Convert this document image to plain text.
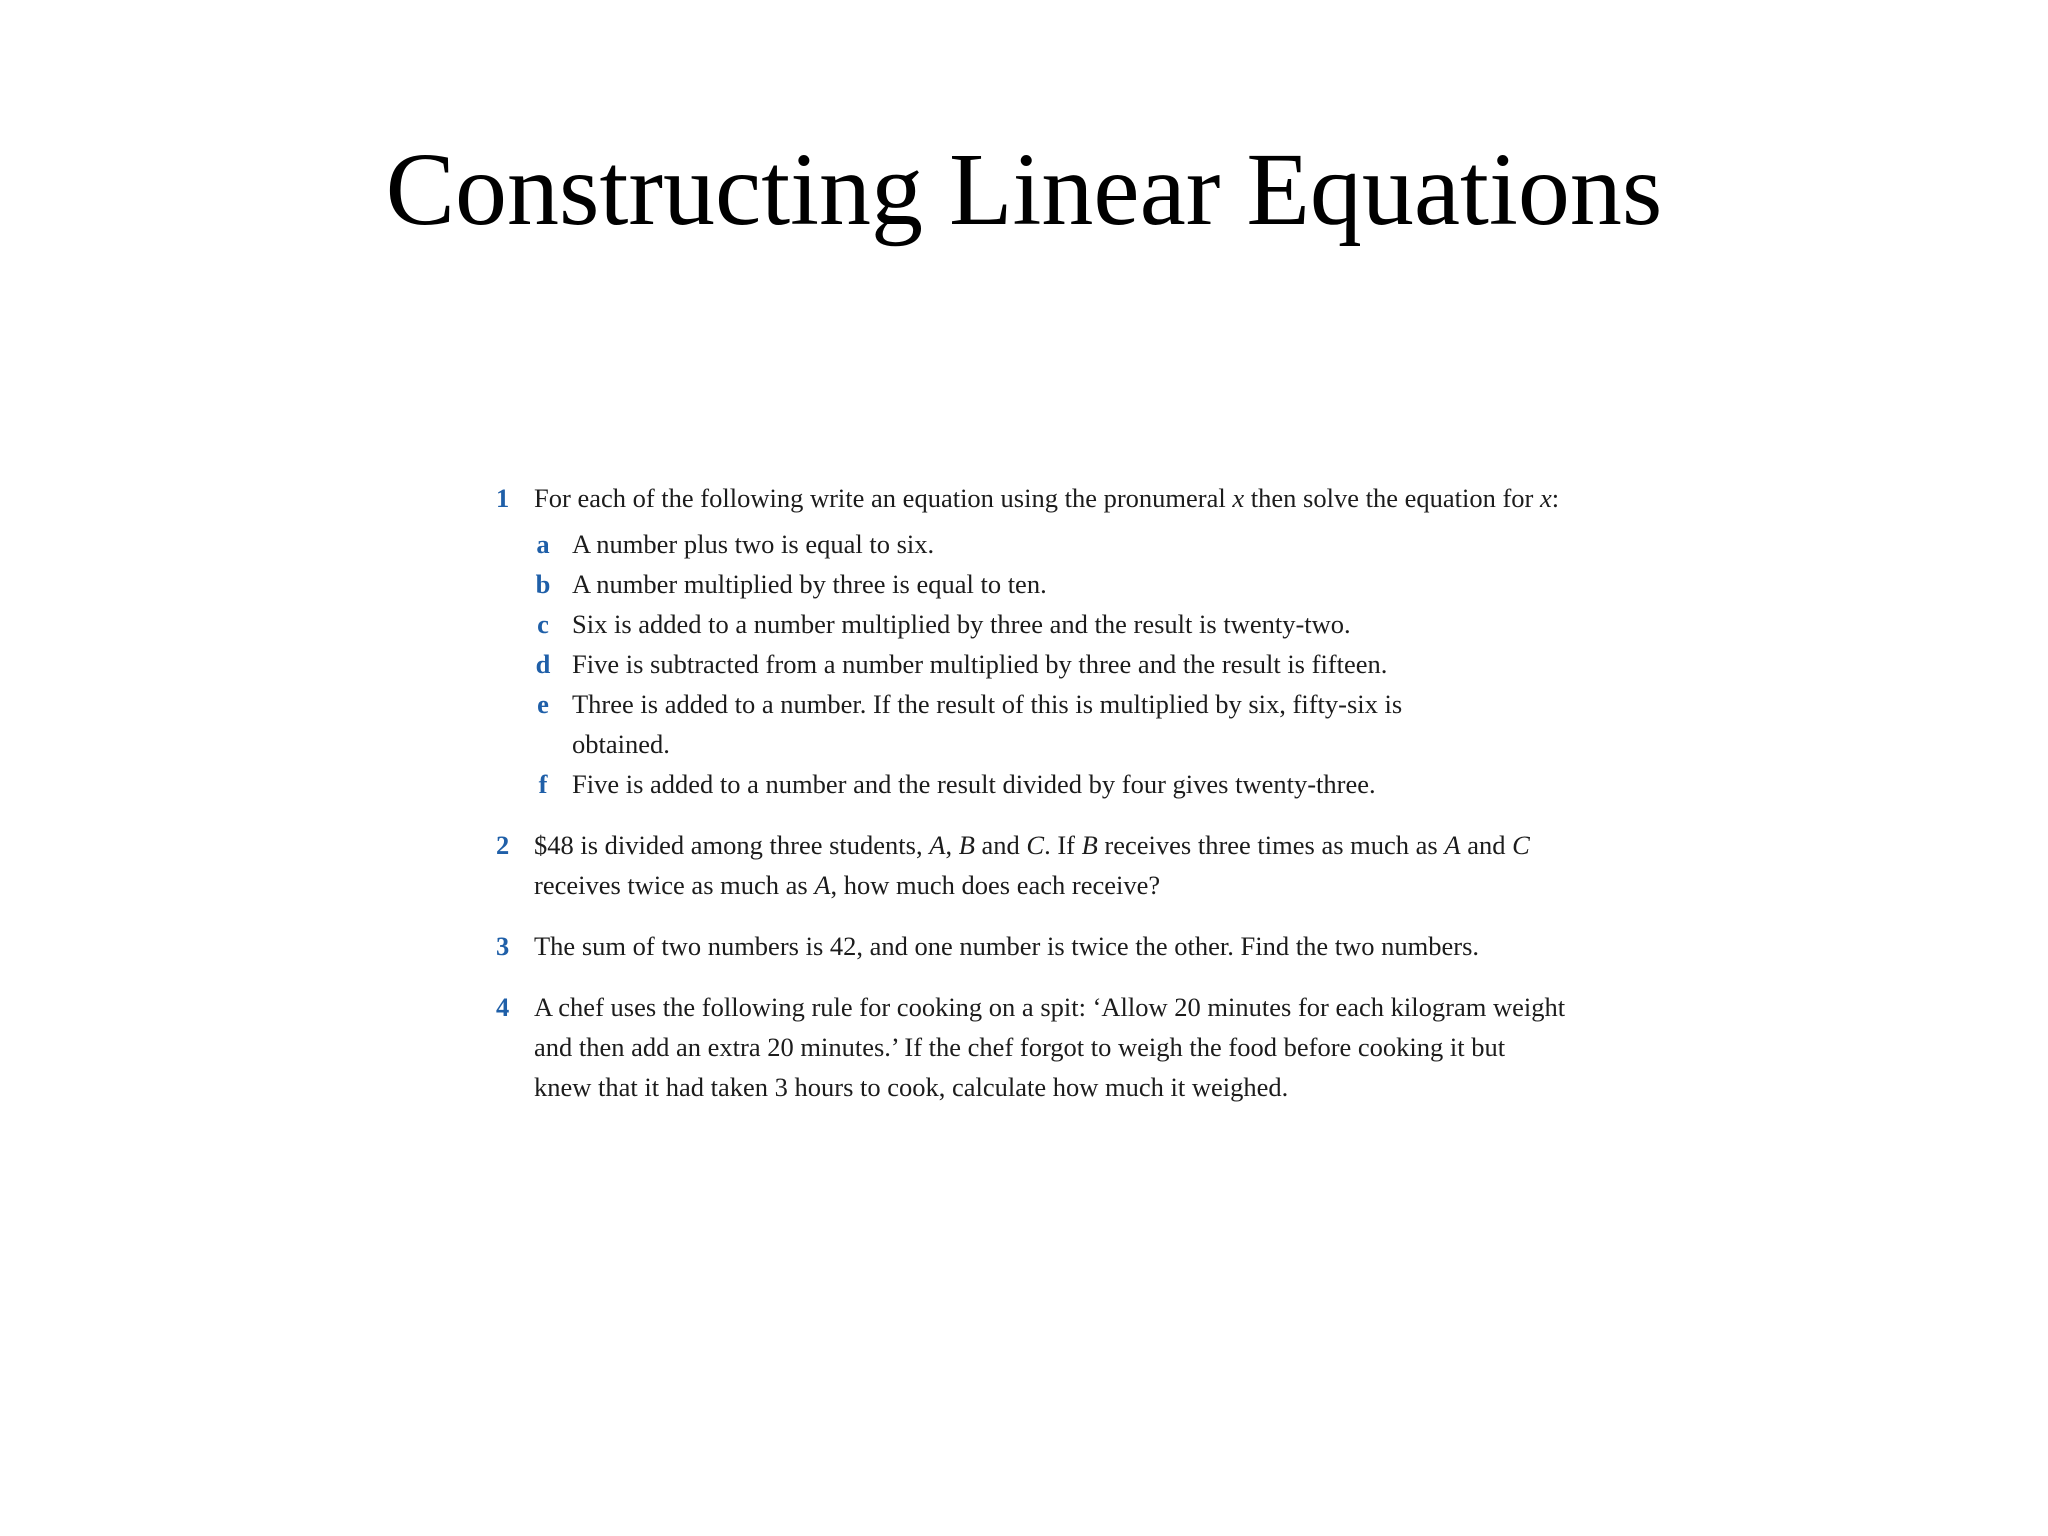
Constructing Linear Equations
1 For each of the following write an equation using the pronumeral x then solve the equation for x:
a A number plus two is equal to six.
b A number multiplied by three is equal to ten.
c Six is added to a number multiplied by three and the result is twenty-two.
d Five is subtracted from a number multiplied by three and the result is fifteen.
e Three is added to a number. If the result of this is multiplied by six, fifty-six is obtained.
f Five is added to a number and the result divided by four gives twenty-three.
2 $48 is divided among three students, A, B and C. If B receives three times as much as A and C receives twice as much as A, how much does each receive?
3 The sum of two numbers is 42, and one number is twice the other. Find the two numbers.
4 A chef uses the following rule for cooking on a spit: ‘Allow 20 minutes for each kilogram weight and then add an extra 20 minutes.’ If the chef forgot to weigh the food before cooking it but knew that it had taken 3 hours to cook, calculate how much it weighed.
